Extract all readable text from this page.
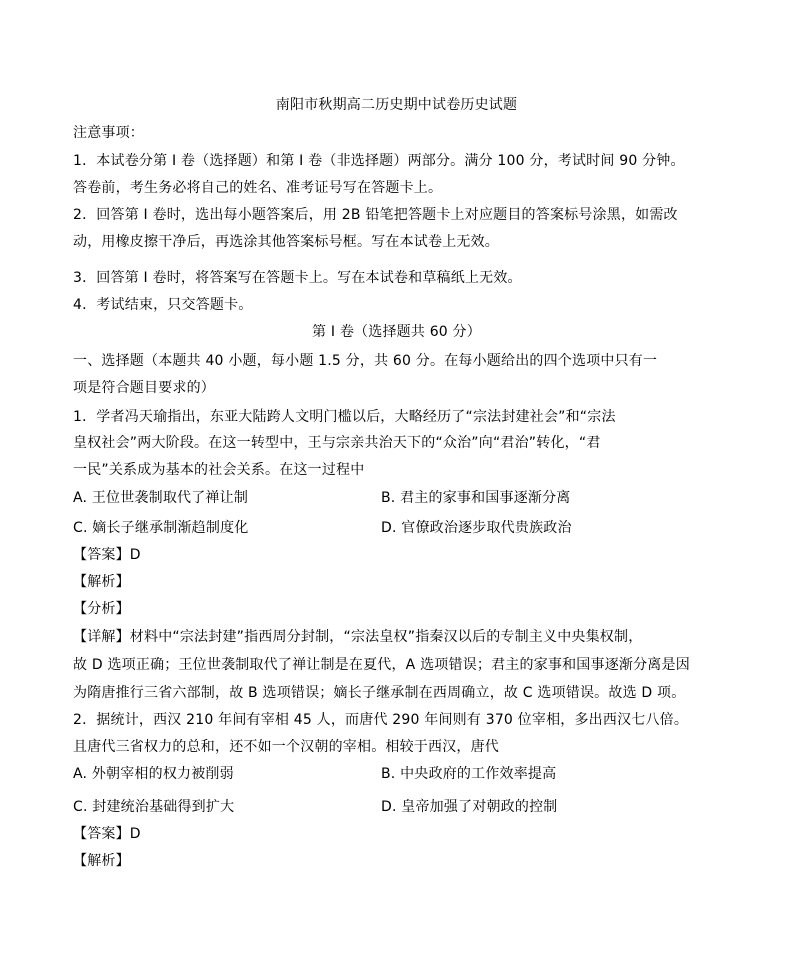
南阳市秋期高二历史期中试卷历史试题
注意事项：
1．本试卷分第 I 卷（选择题）和第 I 卷（非选择题）两部分。满分 100 分，考试时间 90 分钟。
答卷前，考生务必将自己的姓名、准考证号写在答题卡上。
2．回答第 I 卷时，选出每小题答案后，用 2B 铅笔把答题卡上对应题目的答案标号涂黑，如需改
动，用橡皮擦干净后，再选涂其他答案标号框。写在本试卷上无效。
3．回答第 I 卷时，将答案写在答题卡上。写在本试卷和草稿纸上无效。
4．考试结束，只交答题卡。
第 I 卷（选择题共 60 分）
一、选择题（本题共 40 小题，每小题 1.5 分，共 60 分。在每小题给出的四个选项中只有一
项是符合题目要求的）
1．学者冯天瑜指出，东亚大陆跨人文明门槛以后，大略经历了“宗法封建社会”和“宗法
皇权社会”两大阶段。在这一转型中，王与宗亲共治天下的“众治”向“君治”转化，“君
一民”关系成为基本的社会关系。在这一过程中
A. 王位世袭制取代了禅让制	B. 君主的家事和国事逐渐分离
C. 嫡长子继承制渐趋制度化	D. 官僚政治逐步取代贵族政治
【答案】D
【解析】
【分析】
【详解】材料中“宗法封建”指西周分封制，“宗法皇权”指秦汉以后的专制主义中央集权制，
故 D 选项正确；王位世袭制取代了禅让制是在夏代，A 选项错误；君主的家事和国事逐渐分离是因
为隋唐推行三省六部制，故 B 选项错误；嫡长子继承制在西周确立，故 C 选项错误。故选 D 项。
2．据统计，西汉 210 年间有宰相 45 人，而唐代 290 年间则有 370 位宰相，多出西汉七八倍。
且唐代三省权力的总和，还不如一个汉朝的宰相。相较于西汉，唐代
A. 外朝宰相的权力被削弱	B. 中央政府的工作效率提高
C. 封建统治基础得到扩大	D. 皇帝加强了对朝政的控制
【答案】D
【解析】
